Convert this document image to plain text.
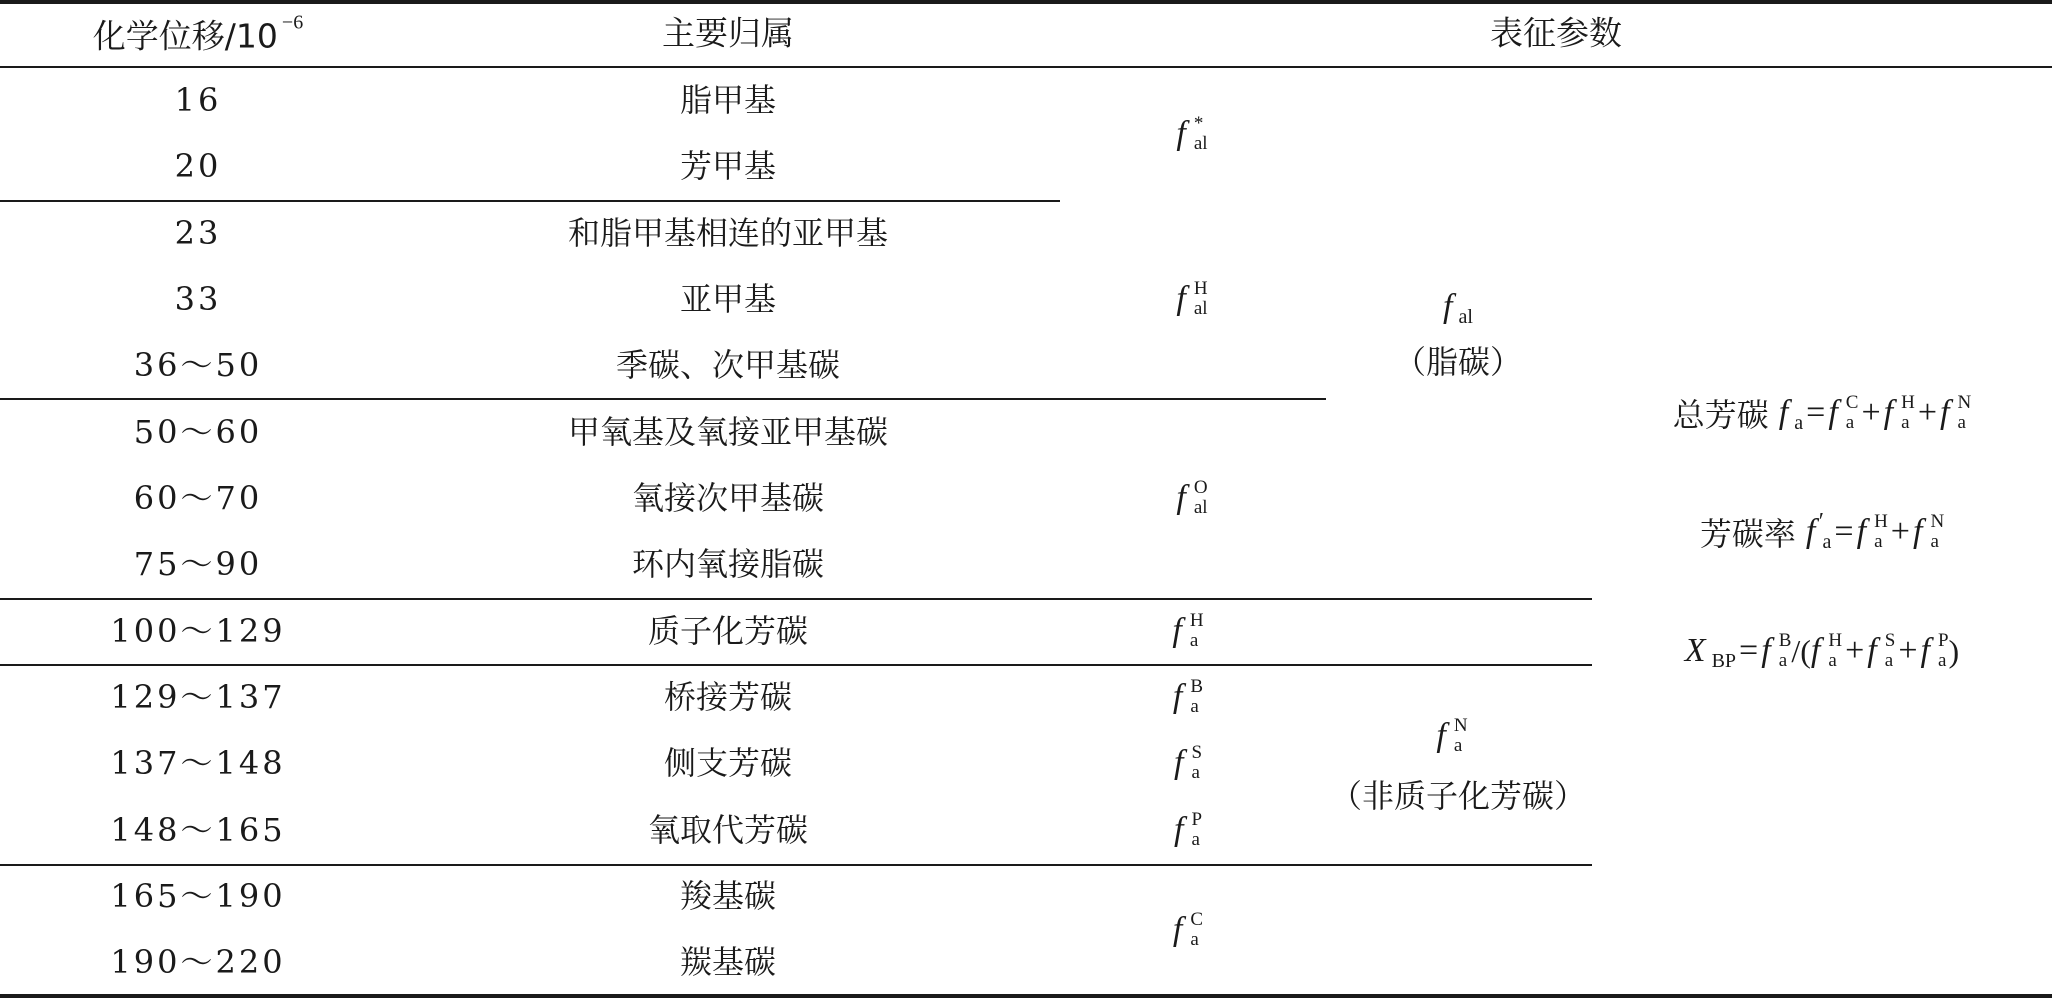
化学位移/10 −6	主要归属	表征参数
16
20
23
33
36～50
50～60
60～70
75～90
100～129
129～137
137～148
148～165
165～190
190～220
脂甲基
芳甲基
和脂甲基相连的亚甲基
亚甲基
季碳、次甲基碳
甲氧基及氧接亚甲基碳
氧接次甲基碳
环内氧接脂碳
质子化芳碳
桥接芳碳
侧支芳碳
氧取代芳碳
羧基碳
羰基碳
f *
al
f H
al
f O
al
f H
a
f B
a
f S
a
f P
a
f C
a
f al
（脂碳）
f N
a
（非质子化芳碳）
总芳碳 f a = f C
a + f H
a + f N
a
芳碳率 f ′
a = f H
a + f N
a
X BP = f B
a /( f H
a + f S
a + f P
a )
